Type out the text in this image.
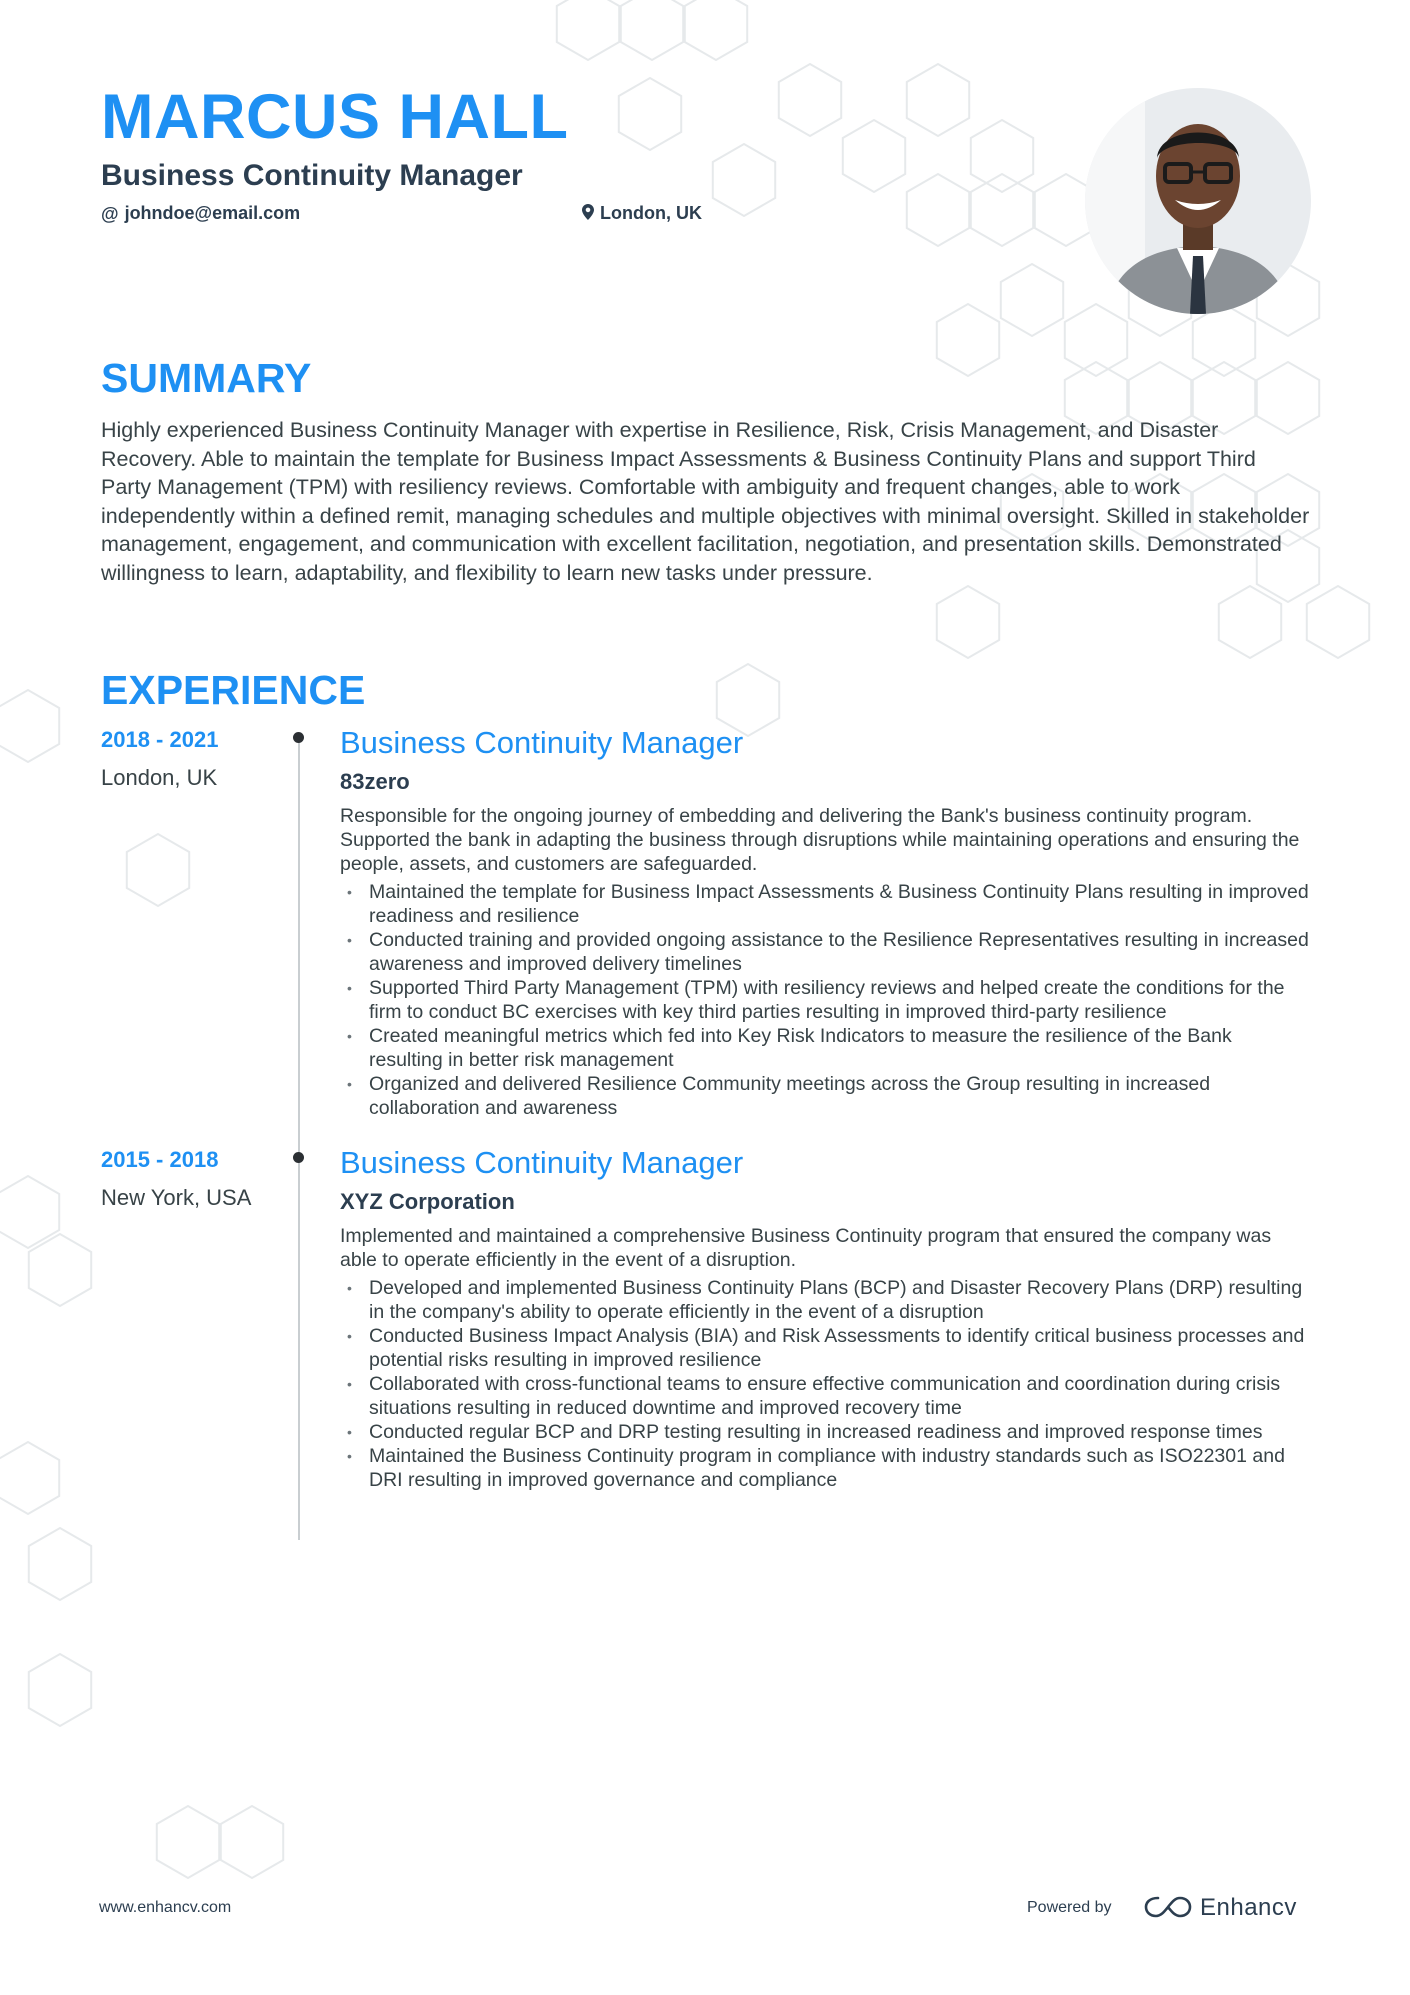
MARCUS HALL
Business Continuity Manager
@ johndoe@email.com	London, UK
SUMMARY

Highly experienced Business Continuity Manager with expertise in Resilience, Risk, Crisis Management, and Disaster Recovery. Able to maintain the template for Business Impact Assessments & Business Continuity Plans and support Third Party Management (TPM) with resiliency reviews. Comfortable with ambiguity and frequent changes, able to work independently within a defined remit, managing schedules and multiple objectives with minimal oversight. Skilled in stakeholder management, engagement, and communication with excellent facilitation, negotiation, and presentation skills. Demonstrated willingness to learn, adaptability, and flexibility to learn new tasks under pressure.

EXPERIENCE
2018 - 2021
London, UK
Business Continuity Manager
83zero

Responsible for the ongoing journey of embedding and delivering the Bank's business continuity program. Supported the bank in adapting the business through disruptions while maintaining operations and ensuring the people, assets, and customers are safeguarded.

• Maintained the template for Business Impact Assessments & Business Continuity Plans resulting in improved readiness and resilience
• Conducted training and provided ongoing assistance to the Resilience Representatives resulting in increased awareness and improved delivery timelines
• Supported Third Party Management (TPM) with resiliency reviews and helped create the conditions for the firm to conduct BC exercises with key third parties resulting in improved third-party resilience
• Created meaningful metrics which fed into Key Risk Indicators to measure the resilience of the Bank resulting in better risk management
• Organized and delivered Resilience Community meetings across the Group resulting in increased collaboration and awareness
2015 - 2018
New York, USA
Business Continuity Manager
XYZ Corporation

Implemented and maintained a comprehensive Business Continuity program that ensured the company was able to operate efficiently in the event of a disruption.

• Developed and implemented Business Continuity Plans (BCP) and Disaster Recovery Plans (DRP) resulting in the company's ability to operate efficiently in the event of a disruption
• Conducted Business Impact Analysis (BIA) and Risk Assessments to identify critical business processes and potential risks resulting in improved resilience
• Collaborated with cross-functional teams to ensure effective communication and coordination during crisis situations resulting in reduced downtime and improved recovery time
• Conducted regular BCP and DRP testing resulting in increased readiness and improved response times
• Maintained the Business Continuity program in compliance with industry standards such as ISO22301 and DRI resulting in improved governance and compliance
www.enhancv.com	Powered by	Enhancv
